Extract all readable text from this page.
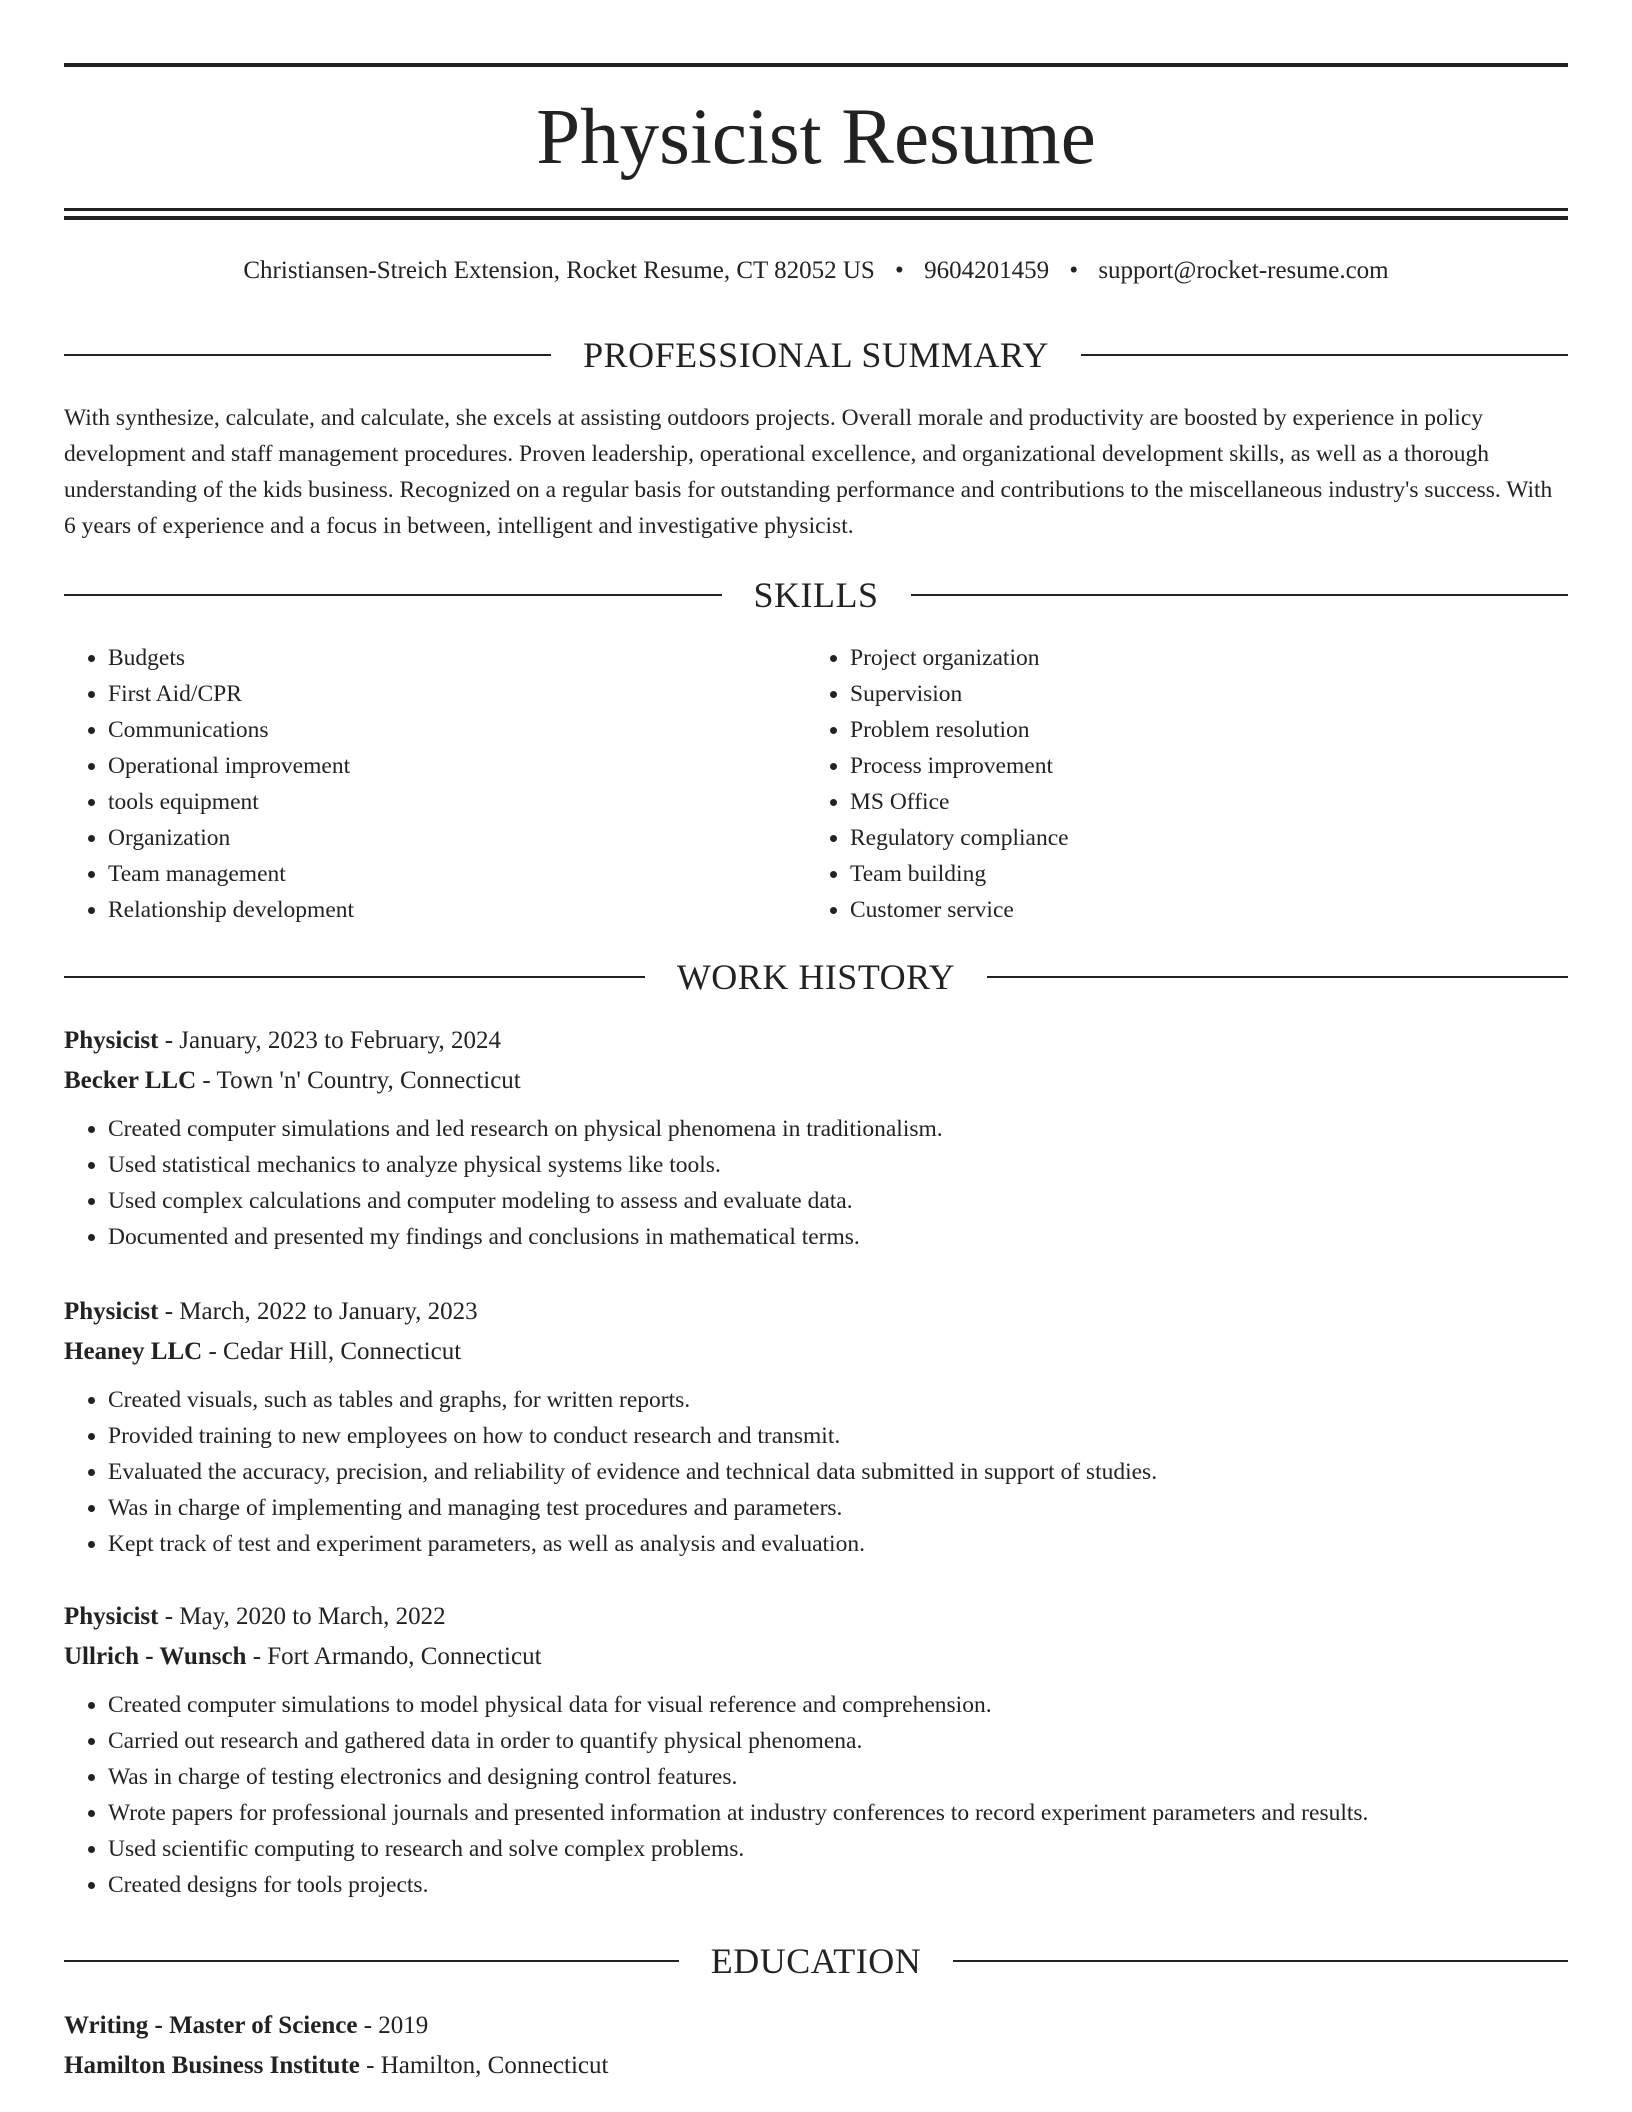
Physicist Resume
Christiansen-Streich Extension, Rocket Resume, CT 82052 US • 9604201459 • support@rocket-resume.com
PROFESSIONAL SUMMARY

With synthesize, calculate, and calculate, she excels at assisting outdoors projects. Overall morale and productivity are boosted by experience in policy development and staff management procedures. Proven leadership, operational excellence, and organizational development skills, as well as a thorough understanding of the kids business. Recognized on a regular basis for outstanding performance and contributions to the miscellaneous industry's success. With 6 years of experience and a focus in between, intelligent and investigative physicist.

SKILLS
• Budgets
• First Aid/CPR
• Communications
• Operational improvement
• tools equipment
• Organization
• Team management
• Relationship development
• Project organization
• Supervision
• Problem resolution
• Process improvement
• MS Office
• Regulatory compliance
• Team building
• Customer service
WORK HISTORY
Physicist - January, 2023 to February, 2024
Becker LLC - Town 'n' Country, Connecticut
• Created computer simulations and led research on physical phenomena in traditionalism.
• Used statistical mechanics to analyze physical systems like tools.
• Used complex calculations and computer modeling to assess and evaluate data.
• Documented and presented my findings and conclusions in mathematical terms.
Physicist - March, 2022 to January, 2023
Heaney LLC - Cedar Hill, Connecticut
• Created visuals, such as tables and graphs, for written reports.
• Provided training to new employees on how to conduct research and transmit.
• Evaluated the accuracy, precision, and reliability of evidence and technical data submitted in support of studies.
• Was in charge of implementing and managing test procedures and parameters.
• Kept track of test and experiment parameters, as well as analysis and evaluation.
Physicist - May, 2020 to March, 2022
Ullrich - Wunsch - Fort Armando, Connecticut
• Created computer simulations to model physical data for visual reference and comprehension.
• Carried out research and gathered data in order to quantify physical phenomena.
• Was in charge of testing electronics and designing control features.
• Wrote papers for professional journals and presented information at industry conferences to record experiment parameters and results.
• Used scientific computing to research and solve complex problems.
• Created designs for tools projects.
EDUCATION
Writing - Master of Science - 2019
Hamilton Business Institute - Hamilton, Connecticut
